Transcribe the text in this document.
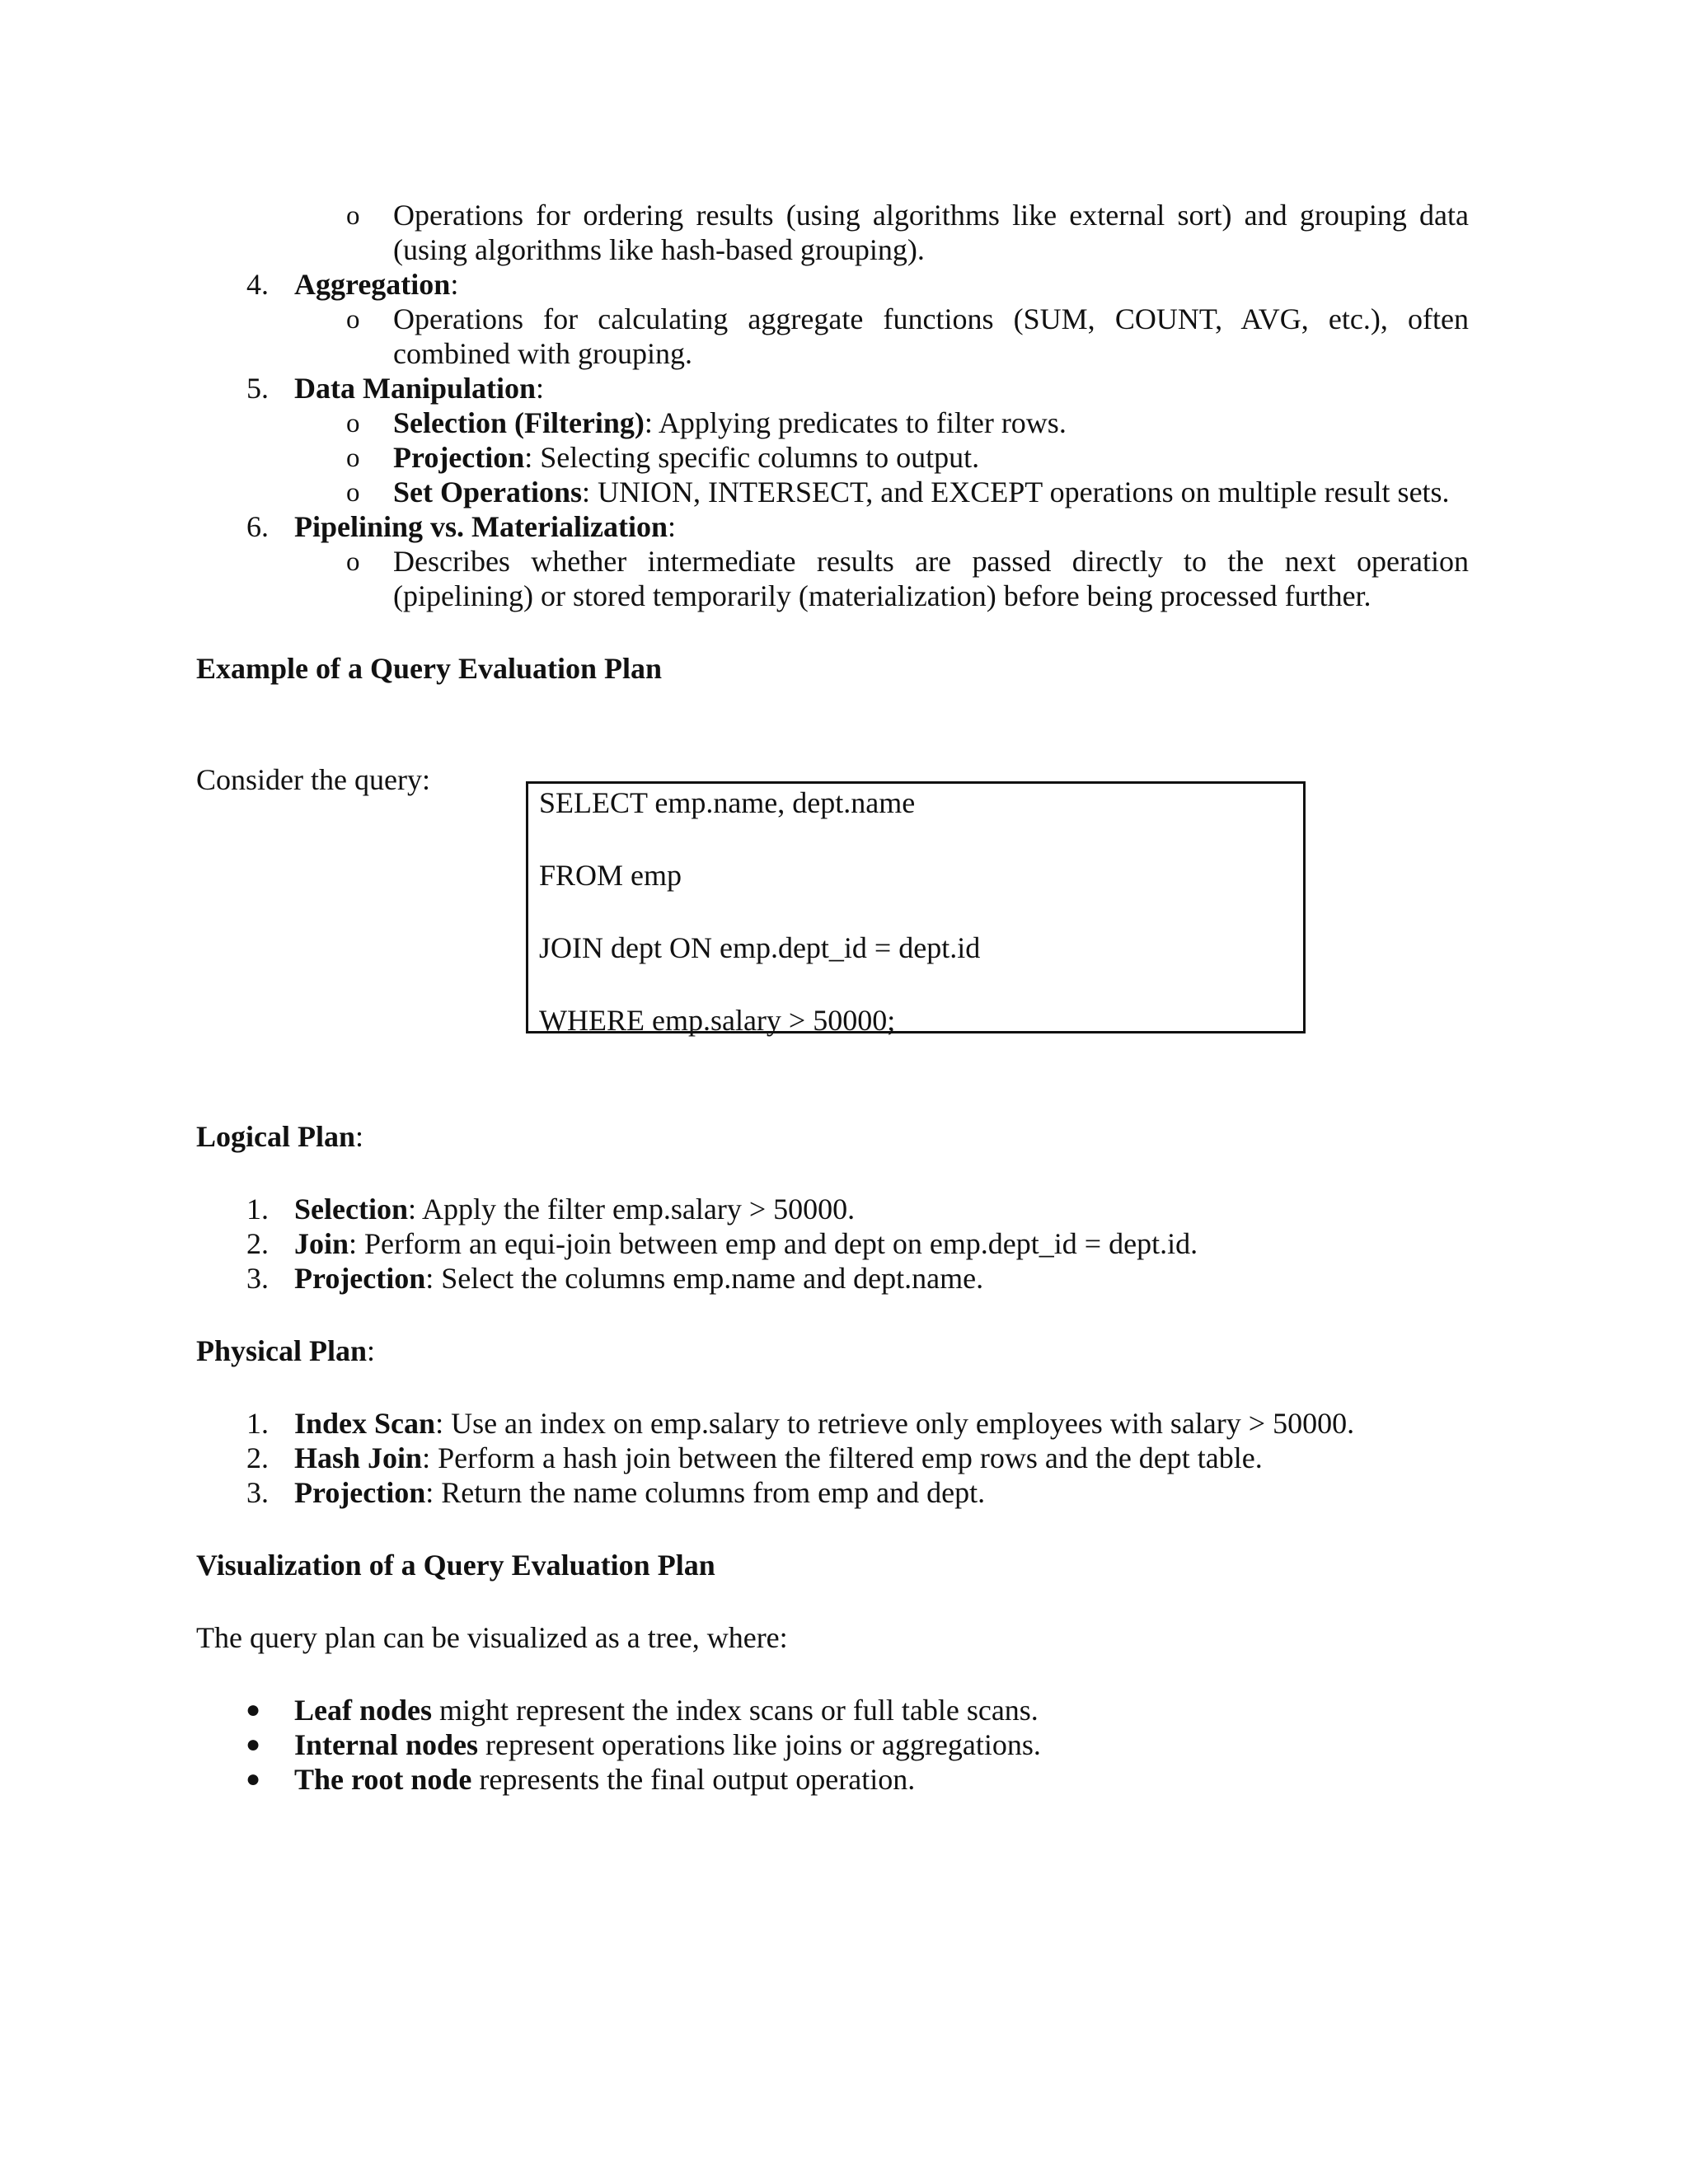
o Operations for ordering results (using algorithms like external sort) and grouping data
(using algorithms like hash-based grouping).
4. Aggregation:
o Operations for calculating aggregate functions (SUM, COUNT, AVG, etc.), often
combined with grouping.
5. Data Manipulation:
o Selection (Filtering): Applying predicates to filter rows.
o Projection: Selecting specific columns to output.
o Set Operations: UNION, INTERSECT, and EXCEPT operations on multiple result sets.
6. Pipelining vs. Materialization:
o Describes whether intermediate results are passed directly to the next operation
(pipelining) or stored temporarily (materialization) before being processed further.
Example of a Query Evaluation Plan
Consider the query:
SELECT emp.name, dept.name
FROM emp
JOIN dept ON emp.dept_id = dept.id
WHERE emp.salary > 50000;
Logical Plan:
1. Selection: Apply the filter emp.salary > 50000.
2. Join: Perform an equi-join between emp and dept on emp.dept_id = dept.id.
3. Projection: Select the columns emp.name and dept.name.
Physical Plan:
1. Index Scan: Use an index on emp.salary to retrieve only employees with salary > 50000.
2. Hash Join: Perform a hash join between the filtered emp rows and the dept table.
3. Projection: Return the name columns from emp and dept.
Visualization of a Query Evaluation Plan
The query plan can be visualized as a tree, where:
● Leaf nodes might represent the index scans or full table scans.
● Internal nodes represent operations like joins or aggregations.
● The root node represents the final output operation.
